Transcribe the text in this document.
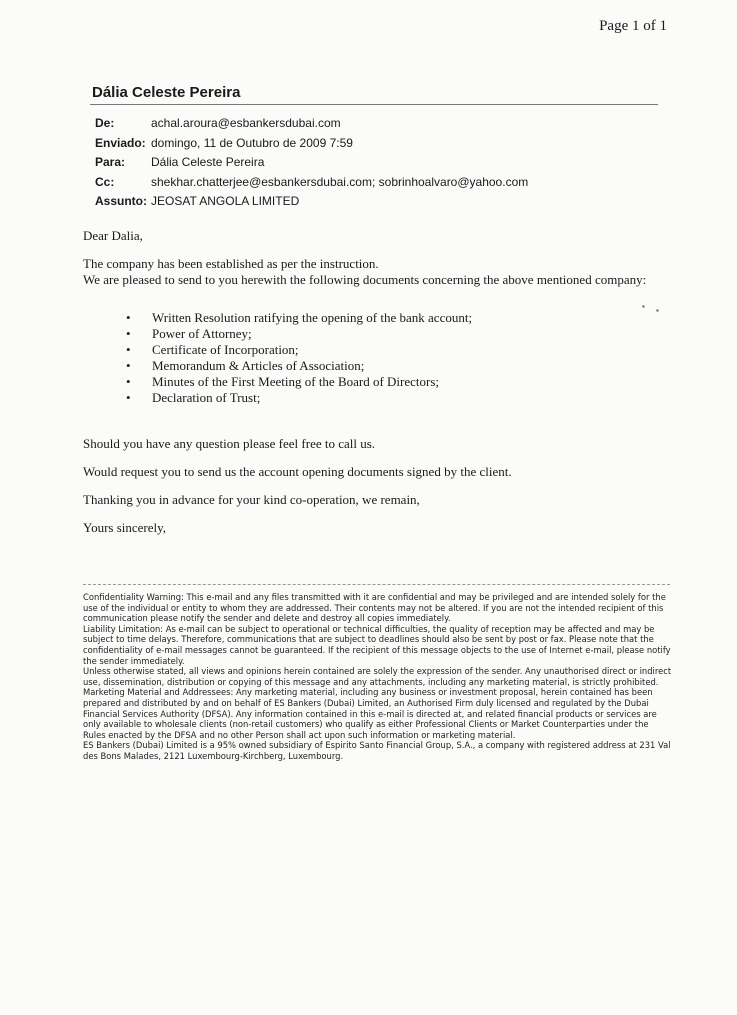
Page 1 of 1
Dália Celeste Pereira
De:	achal.aroura@esbankersdubai.com
Enviado: domingo, 11 de Outubro de 2009 7:59
Para:	Dália Celeste Pereira
Cc:	shekhar.chatterjee@esbankersdubai.com; sobrinhoalvaro@yahoo.com
Assunto: JEOSAT ANGOLA LIMITED

Dear Dalia,

The company has been established as per the instruction.

We are pleased to send to you herewith the following documents concerning the above mentioned company:

• Written Resolution ratifying the opening of the bank account;
• Power of Attorney;
• Certificate of Incorporation;
• Memorandum & Articles of Association;
• Minutes of the First Meeting of the Board of Directors;
• Declaration of Trust;

Should you have any question please feel free to call us.

Would request you to send us the account opening documents signed by the client.

Thanking you in advance for your kind co-operation, we remain,

Yours sincerely,

Confidentiality Warning: This e-mail and any files transmitted with it are confidential and may be privileged and are intended solely for the use of the individual or entity to whom they are addressed. Their contents may not be altered. If you are not the intended recipient of this communication please notify the sender and delete and destroy all copies immediately.

Liability Limitation: As e-mail can be subject to operational or technical difficulties, the quality of reception may be affected and may be subject to time delays. Therefore, communications that are subject to deadlines should also be sent by post or fax. Please note that the confidentiality of e-mail messages cannot be guaranteed. If the recipient of this message objects to the use of Internet e-mail, please notify the sender immediately.

Unless otherwise stated, all views and opinions herein contained are solely the expression of the sender. Any unauthorised direct or indirect use, dissemination, distribution or copying of this message and any attachments, including any marketing material, is strictly prohibited.

Marketing Material and Addressees: Any marketing material, including any business or investment proposal, herein contained has been prepared and distributed by and on behalf of ES Bankers (Dubai) Limited, an Authorised Firm duly licensed and regulated by the Dubai Financial Services Authority (DFSA). Any information contained in this e-mail is directed at, and related financial products or services are only available to wholesale clients (non-retail customers) who qualify as either Professional Clients or Market Counterparties under the Rules enacted by the DFSA and no other Person shall act upon such information or marketing material.

ES Bankers (Dubai) Limited is a 95% owned subsidiary of Espirito Santo Financial Group, S.A., a company with registered address at 231 Val des Bons Malades, 2121 Luxembourg-Kirchberg, Luxembourg.

▪ ▪
